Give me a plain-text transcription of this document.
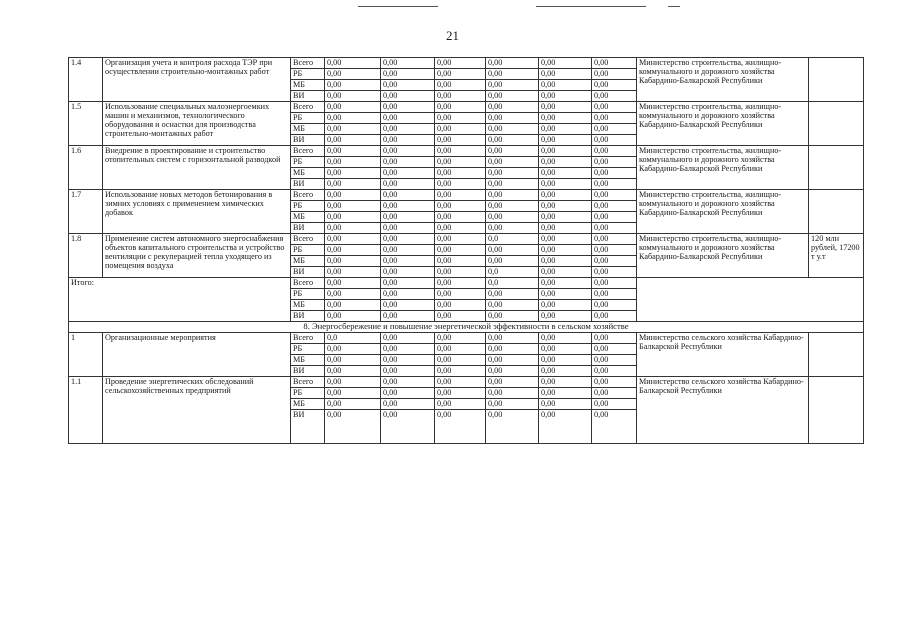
21
1.4	Организация учета и контроля расхода ТЭР при осуществлении строительно-монтажных работ	Всего	0,00	0,00	0,00	0,00	0,00	0,00	Министерство строительства, жилищно-коммунального и дорожного хозяйства Кабардино-Балкарской Республики	
		РБ	0,00	0,00	0,00	0,00	0,00	0,00		
		МБ	0,00	0,00	0,00	0,00	0,00	0,00		
		ВИ	0,00	0,00	0,00	0,00	0,00	0,00		
1.5	Использование специальных малоэнергоемких машин и механизмов, технологического оборудования и оснастки для производства строительно-монтажных работ	Всего	0,00	0,00	0,00	0,00	0,00	0,00	Министерство строительства, жилищно-коммунального и дорожного хозяйства Кабардино-Балкарской Республики	
		РБ	0,00	0,00	0,00	0,00	0,00	0,00		
		МБ	0,00	0,00	0,00	0,00	0,00	0,00		
		ВИ	0,00	0,00	0,00	0,00	0,00	0,00		
1.6	Внедрение в проектирование и строительство отопительных систем с горизонтальной разводкой	Всего	0,00	0,00	0,00	0,00	0,00	0,00	Министерство строительства, жилищно-коммунального и дорожного хозяйства Кабардино-Балкарской Республики	
		РБ	0,00	0,00	0,00	0,00	0,00	0,00		
		МБ	0,00	0,00	0,00	0,00	0,00	0,00		
		ВИ	0,00	0,00	0,00	0,00	0,00	0,00		
1.7	Использование новых методов бетонирования в зимних условиях с применением химических добавок	Всего	0,00	0,00	0,00	0,00	0,00	0,00	Министерство строительства, жилищно-коммунального и дорожного хозяйства Кабардино-Балкарской Республики	
		РБ	0,00	0,00	0,00	0,00	0,00	0,00		
		МБ	0,00	0,00	0,00	0,00	0,00	0,00		
		ВИ	0,00	0,00	0,00	0,00	0,00	0,00		
1.8	Применение систем автономного энергоснабжения объектов капитального строительства и устройство вентиляции с рекуперацией тепла уходящего из помещения воздуха	Всего	0,00	0,00	0,00	0,0	0,00	0,00	Министерство строительства, жилищно-коммунального и дорожного хозяйства Кабардино-Балкарской Республики	120 млн рублей, 17200 т у.т
		РБ	0,00	0,00	0,00	0,00	0,00	0,00		
		МБ	0,00	0,00	0,00	0,00	0,00	0,00		
		ВИ	0,00	0,00	0,00	0,0	0,00	0,00		
Итого:		Всего	0,00	0,00	0,00	0,0	0,00	0,00		
		РБ	0,00	0,00	0,00	0,00	0,00	0,00		
		МБ	0,00	0,00	0,00	0,00	0,00	0,00		
		ВИ	0,00	0,00	0,00	0,00	0,00	0,00		
8. Энергосбережение и повышение энергетической эффективности в сельском хозяйстве										
1	Организационные мероприятия	Всего	0,0	0,00	0,00	0,00	0,00	0,00	Министерство сельского хозяйства Кабардино-Балкарской Республики	
		РБ	0,00	0,00	0,00	0,00	0,00	0,00		
		МБ	0,00	0,00	0,00	0,00	0,00	0,00		
		ВИ	0,00	0,00	0,00	0,00	0,00	0,00		
1.1	Проведение энергетических обследований сельскохозяйственных предприятий	Всего	0,00	0,00	0,00	0,00	0,00	0,00	Министерство сельского хозяйства Кабардино-Балкарской Республики	
		РБ	0,00	0,00	0,00	0,00	0,00	0,00		
		МБ	0,00	0,00	0,00	0,00	0,00	0,00		
		ВИ	0,00	0,00	0,00	0,00	0,00	0,00		
